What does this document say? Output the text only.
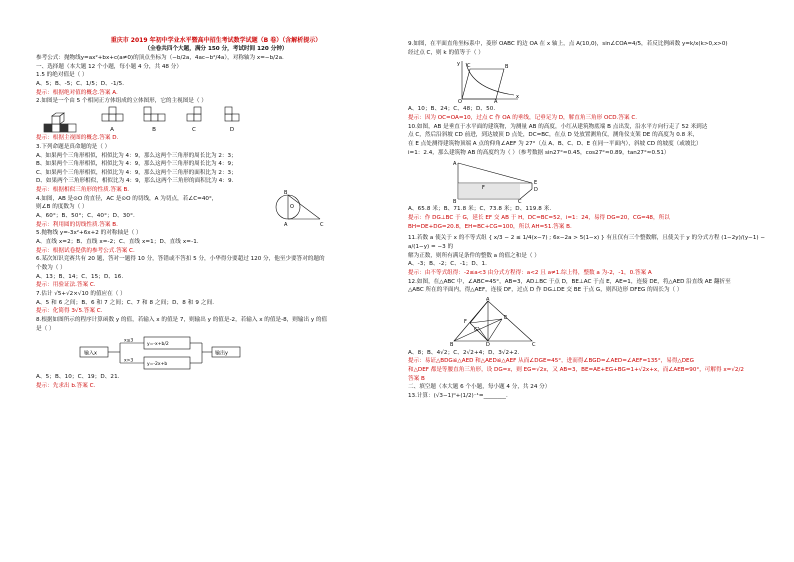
重庆市 2019 年初中学业水平暨高中招生考试数学试题（B 卷）（含解析提示）
（全卷共四个大题，满分 150 分，考试时间 120 分钟）
参考公式：抛物线y=ax²+bx+c(a≠0)的顶点坐标为（−b/2a，4ac−b²/4a），对称轴为 x=−b/2a.
一、选择题（本大题 12 个小题，每小题 4 分，共 48 分）
1.5 的绝对值是（ ）
A、5；B、-5；C、1/5；D、-1/5.
提示：根据绝对值的概念.答案 A.
2.如图是一个由 5 个相同正方体组成的立体图形，它的主视图是（ ）
A	B	C	D
提示：根据主视图的概念.答案 D.
3.下列命题是真命题的是（ ）
A、如果两个三角形相似，相似比为 4：9，那么这两个三角形的周长比为 2：3；
B、如果两个三角形相似，相似比为 4：9，那么这两个三角形的周长比为 4：9；
C、如果两个三角形相似，相似比为 4：9，那么这两个三角形的面积比为 2：3；
D、如果两个三角形相似，相似比为 4：9，那么这两个三角形的面积比为 4：9.
提示：根据相似三角形的性质.答案 B.
4.如图，AB 是⊙O 的直径，AC 是⊙O 的切线，A 为切点，若∠C=40°，
则∠B 的度数为（ ）
B
O
A	C
A、60°；B、50°；C、40°；D、30°.
提示：利用圆的切线性质.答案 B.
5.抛物线 y=-3x²+6x+2 的对称轴是（ ）
A、直线 x=2；B、直线 x=-2；C、直线 x=1；D、直线 x=-1.
提示：根据试卷提供的参考公式.答案 C.
6.某次知识竞赛共有 20 题，答对一题得 10 分，答错或不答扣 5 分，小华得分要超过 120 分，他至少要答对的题的
个数为（ ）
A、13；B、14；C、15；D、16.
提示：用验证法.答案 C.
7.估计 √5+√2×√10 的值应在（ ）
A、5 和 6 之间；B、6 和 7 之间；C、7 和 8 之间；D、8 和 9 之间.
提示：化简得 3√5.答案 C.
8.根据如图所示的程序计算函数 y 的值，若输入 x 的值是 7，则输出 y 的值是-2，若输入 x 的值是-8，则输出 y 的值
是（ ）
输入x
x≤3
x>3
y=-x+b/2
y=-2x+b
输出y
A、5；B、10；C、19；D、21.
提示：先求出 b.答案 C.
9.如图，在平面直角坐标系中，菱形 OABC 的边 OA 在 x 轴上，点 A(10,0)，sin∠COA=4/5，若反比例函数 y=k/x(k>0,x>0)
经过点 C，则 k 的值等于（ ）
y C	B
O	A
x
A、10；B、24；C、48；D、50.
提示：因为 OC=OA=10，过点 C 作 OA 的垂线，记垂足为 D，解直角三角形 OCD.答案 C.
10.如图，AB 是垂直于水平面的建筑物，为测量 AB 的高度，小红从建筑物底端 B 点出发，沿水平方向行走了 52 米到达
点 C，然后沿斜坡 CD 前进，到达坡顶 D 点处，DC=BC，在点 D 处放置测角仪，测角仪支架 DE 的高度为 0.8 米，
在 E 点处测得建筑物顶端 A 点的仰角∠AEF 为 27°（点 A、B、C、D、E 在同一平面内），斜坡 CD 的坡度（或坡比）
i=1：2.4，那么建筑物 AB 的高度约为（ ）（参考数据 sin27°≈0.45，cos27°≈0.89，tan27°≈0.51）
A
E
F	D
B	C
A、65.8 米；B、71.8 米；C、73.8 米；D、119.8 米.
提示：作 DG⊥BC 于 G，延长 EF 交 AB 于 H，DC=BC=52，i=1：24，易得 DG=20，CG=48，所以
BH=DE+DG=20.8，EH=BC+CG=100，所以 AH=51.答案 B.
11.若数 a 使关于 x 的不等式组 { x/3 − 2 ≤ 1/4(x−7) ; 6x−2a > 5(1−x) } 有且仅有三个整数解，且使关于 y 的分式方程 (1−2y)/(y−1) − a/(1−y) = −3 的
解为正数，则所有满足条件的整数 a 的值之和是（ ）
A、-3；B、-2；C、-1；D、1.
提示：由不等式组得：-2≤a<3 由分式方程得：a<2 且 a≠1.综上得，整数 a 为-2，-1，0.答案 A
12.如图，在△ABC 中，∠ABC=45°，AB=3，AD⊥BC 于点 D，BE⊥AC 于点 E，AE=1，连接 DE，将△AED 沿直线 AE 翻折至
△ABC 所在的平面内，得△AEF，连接 DF，过点 D 作 DG⊥DE 交 BE 于点 G，则四边形 DFEG 的周长为（ ）
A
F
E
G
B	D	C
A、8；B、4√2；C、2√2+4；D、3√2+2.
提示：易证△BDG≌△AED 和△AED≌△AEF 从而∠DGE=45°，进而得∠BGD=∠AED=∠AEF=135°，易得△DEG
和△DEF 都是等腰直角三角形，设 DG=x，则 EG=√2x，又 AB=3，BE=AE+EG+BG=1+√2x+x，而∠AEB=90°，可解得 x=√2/2
答案 B
二、填空题（本大题 6 个小题，每小题 4 分，共 24 分）
13.计算：(√3−1)⁰+(1/2)⁻¹=________.
